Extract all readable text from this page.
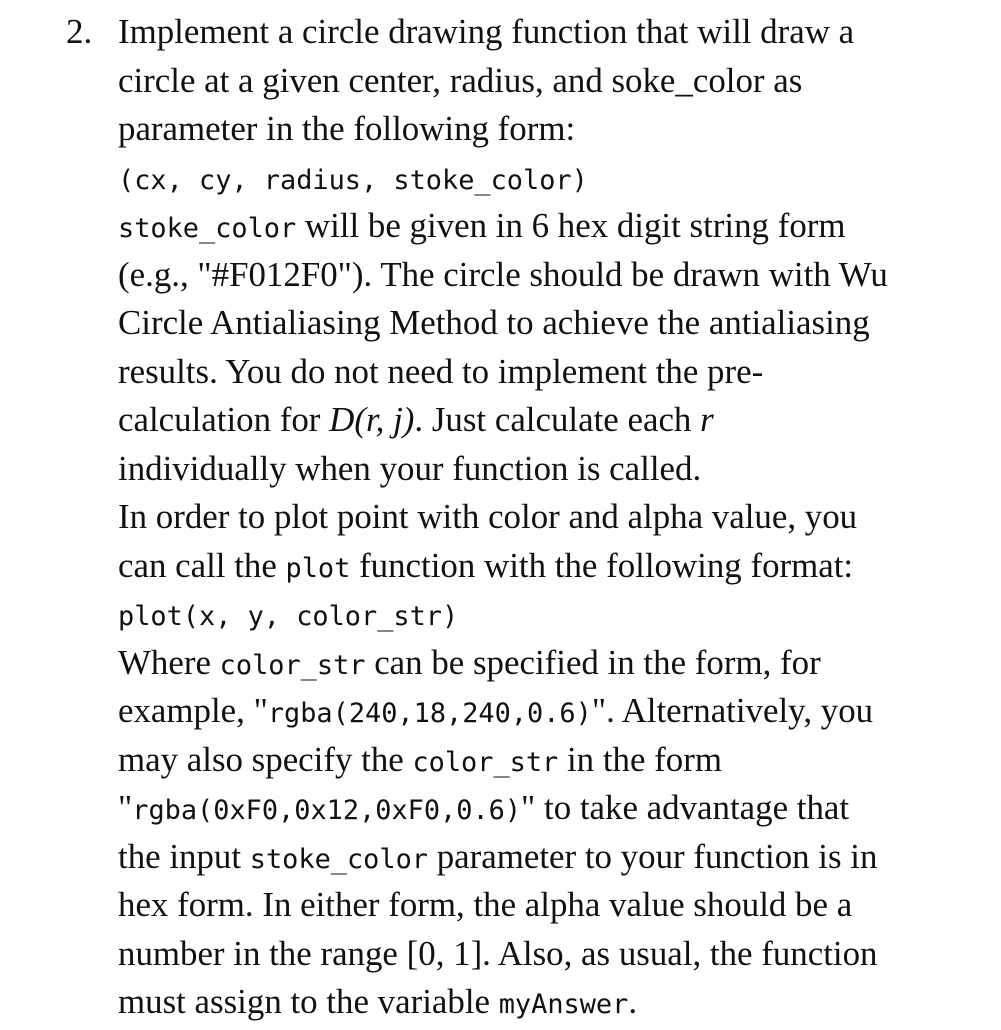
2. Implement a circle drawing function that will draw a
circle at a given center, radius, and soke_color as
parameter in the following form:
(cx, cy, radius, stoke_color)
stoke_color will be given in 6 hex digit string form
(e.g., "#F012F0"). The circle should be drawn with Wu
Circle Antialiasing Method to achieve the antialiasing
results. You do not need to implement the pre-
calculation for D(r, j). Just calculate each r
individually when your function is called.
In order to plot point with color and alpha value, you
can call the plot function with the following format:
plot(x, y, color_str)
Where color_str can be specified in the form, for
example, "rgba(240,18,240,0.6)". Alternatively, you
may also specify the color_str in the form
"rgba(0xF0,0x12,0xF0,0.6)" to take advantage that
the input stoke_color parameter to your function is in
hex form. In either form, the alpha value should be a
number in the range [0, 1]. Also, as usual, the function
must assign to the variable myAnswer.
